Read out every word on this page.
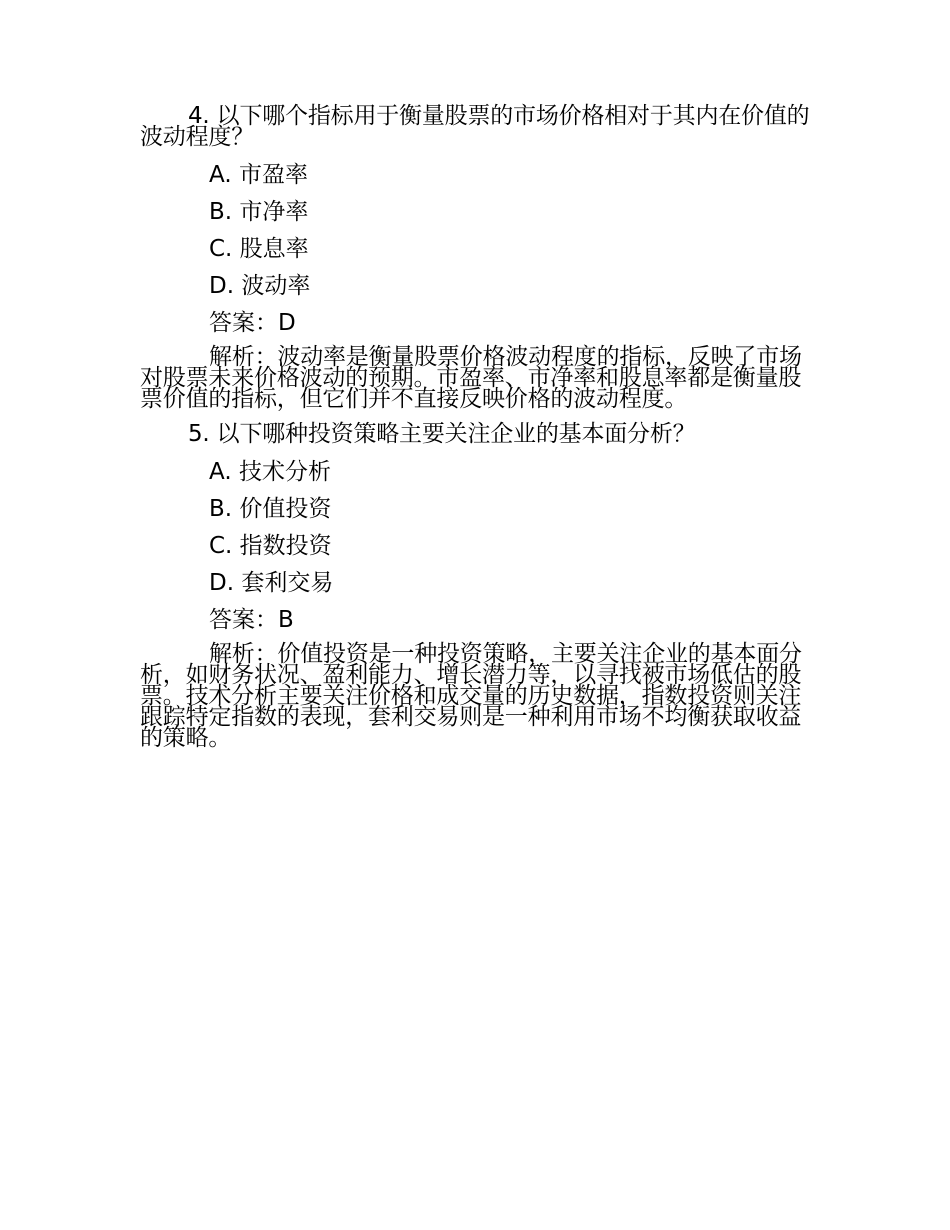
4. 以下哪个指标用于衡量股票的市场价格相对于其内在价值的波动程度？
A. 市盈率
B. 市净率
C. 股息率
D. 波动率
答案：D
解析：波动率是衡量股票价格波动程度的指标，反映了市场对股票未来价格波动的预期。市盈率、市净率和股息率都是衡量股票价值的指标，但它们并不直接反映价格的波动程度。
5. 以下哪种投资策略主要关注企业的基本面分析？
A. 技术分析
B. 价值投资
C. 指数投资
D. 套利交易
答案：B
解析：价值投资是一种投资策略，主要关注企业的基本面分析，如财务状况、盈利能力、增长潜力等，以寻找被市场低估的股票。技术分析主要关注价格和成交量的历史数据，指数投资则关注跟踪特定指数的表现，套利交易则是一种利用市场不均衡获取收益的策略。
